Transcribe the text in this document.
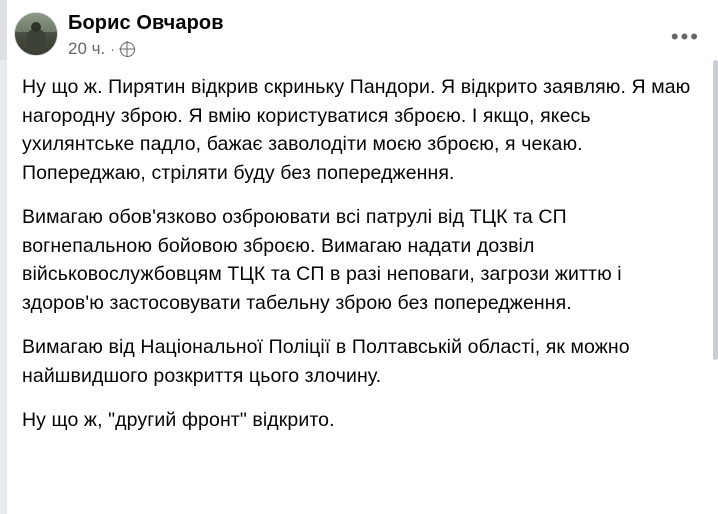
Борис Овчаров
20 ч. ·	•••

Ну що ж. Пирятин відкрив скриньку Пандори. Я відкрито заявляю. Я маю нагородну зброю. Я вмію користуватися зброєю. І якщо, якесь ухилянтське падло, бажає заволодіти моєю зброєю, я чекаю. Попереджаю, стріляти буду без попередження.

Вимагаю обов'язково озброювати всі патрулі від ТЦК та СП вогнепальною бойовою зброєю. Вимагаю надати дозвіл військовослужбовцям ТЦК та СП в разі неповаги, загрози життю і здоров'ю застосовувати табельну зброю без попередження.

Вимагаю від Національної Поліції в Полтавській області, як можно найшвидшого розкриття цього злочину.

Ну що ж, "другий фронт" відкрито.
